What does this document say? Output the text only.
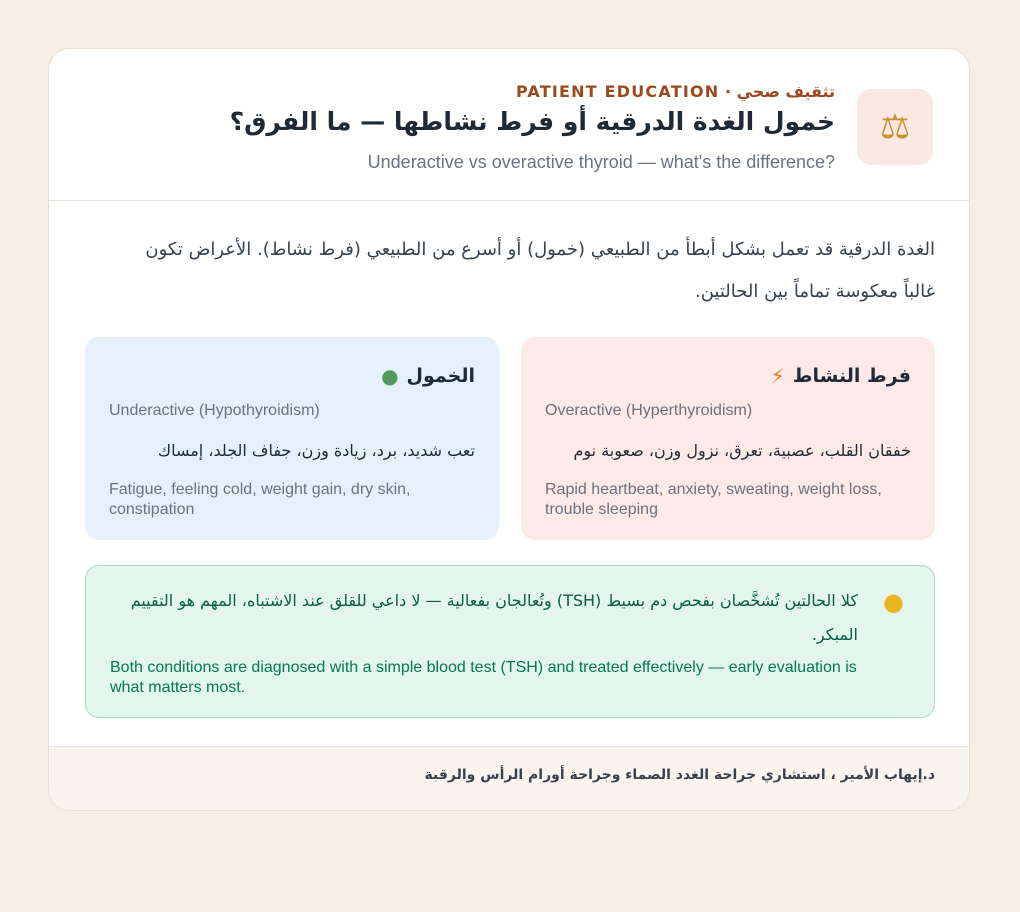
⚖
تثقيف صحي · PATIENT EDUCATION
خمول الغدة الدرقية أو فرط نشاطها — ما الفرق؟
Underactive vs overactive thyroid — what's the difference?

الغدة الدرقية قد تعمل بشكل أبطأ من الطبيعي (خمول) أو أسرع من الطبيعي (فرط نشاط). الأعراض تكون غالباً معكوسة تماماً بين الحالتين.

فرط النشاط
⚡
Overactive (Hyperthyroidism)
خفقان القلب، عصبية، تعرق، نزول وزن، صعوبة نوم
Rapid heartbeat, anxiety, sweating, weight loss, trouble sleeping
الخمول
●
Underactive (Hypothyroidism)
تعب شديد، برد، زيادة وزن، جفاف الجلد، إمساك
Fatigue, feeling cold, weight gain, dry skin, constipation
●

كلا الحالتين تُشخَّصان بفحص دم بسيط (TSH) وتُعالجان بفعالية — لا داعي للقلق عند الاشتباه، المهم هو التقييم المبكر.

Both conditions are diagnosed with a simple blood test (TSH) and treated effectively — early evaluation is what matters most.

د.إيهاب الأمير ، استشاري جراحة الغدد الصماء وجراحة أورام الرأس والرقبة
